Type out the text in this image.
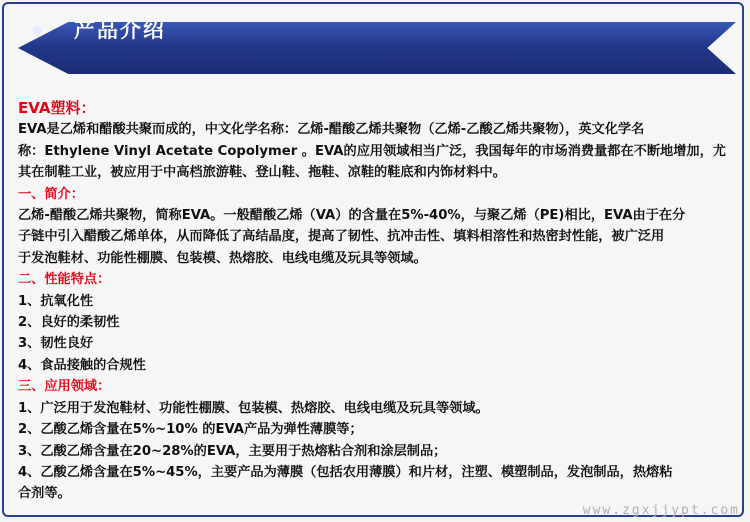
产品介绍

EVA塑料：

EVA是乙烯和醋酸共聚而成的，中文化学名称：乙烯-醋酸乙烯共聚物（乙烯-乙酸乙烯共聚物），英文化学名

称：Ethylene Vinyl Acetate Copolymer 。EVA的应用领域相当广泛，我国每年的市场消费量都在不断地增加，尤

其在制鞋工业，被应用于中高档旅游鞋、登山鞋、拖鞋、凉鞋的鞋底和内饰材料中。

一、简介：

乙烯-醋酸乙烯共聚物，简称EVA。一般醋酸乙烯（VA）的含量在5%-40%，与聚乙烯（PE)相比，EVA由于在分

子链中引入醋酸乙烯单体，从而降低了高结晶度，提高了韧性、抗冲击性、填料相溶性和热密封性能，被广泛用

于发泡鞋材、功能性棚膜、包装模、热熔胶、电线电缆及玩具等领域。

二、性能特点：

1、抗氧化性

2、良好的柔韧性

3、韧性良好

4、食品接触的合规性

三、应用领域：

1、广泛用于发泡鞋材、功能性棚膜、包装模、热熔胶、电线电缆及玩具等领域。

2、乙酸乙烯含量在5%~10% 的EVA产品为弹性薄膜等；

3、乙酸乙烯含量在20~28%的EVA，主要用于热熔粘合剂和涂层制品；

4、乙酸乙烯含量在5%~45%，主要产品为薄膜（包括农用薄膜）和片材，注塑、模塑制品，发泡制品，热熔粘

合剂等。

www.zgxjjypt.com
